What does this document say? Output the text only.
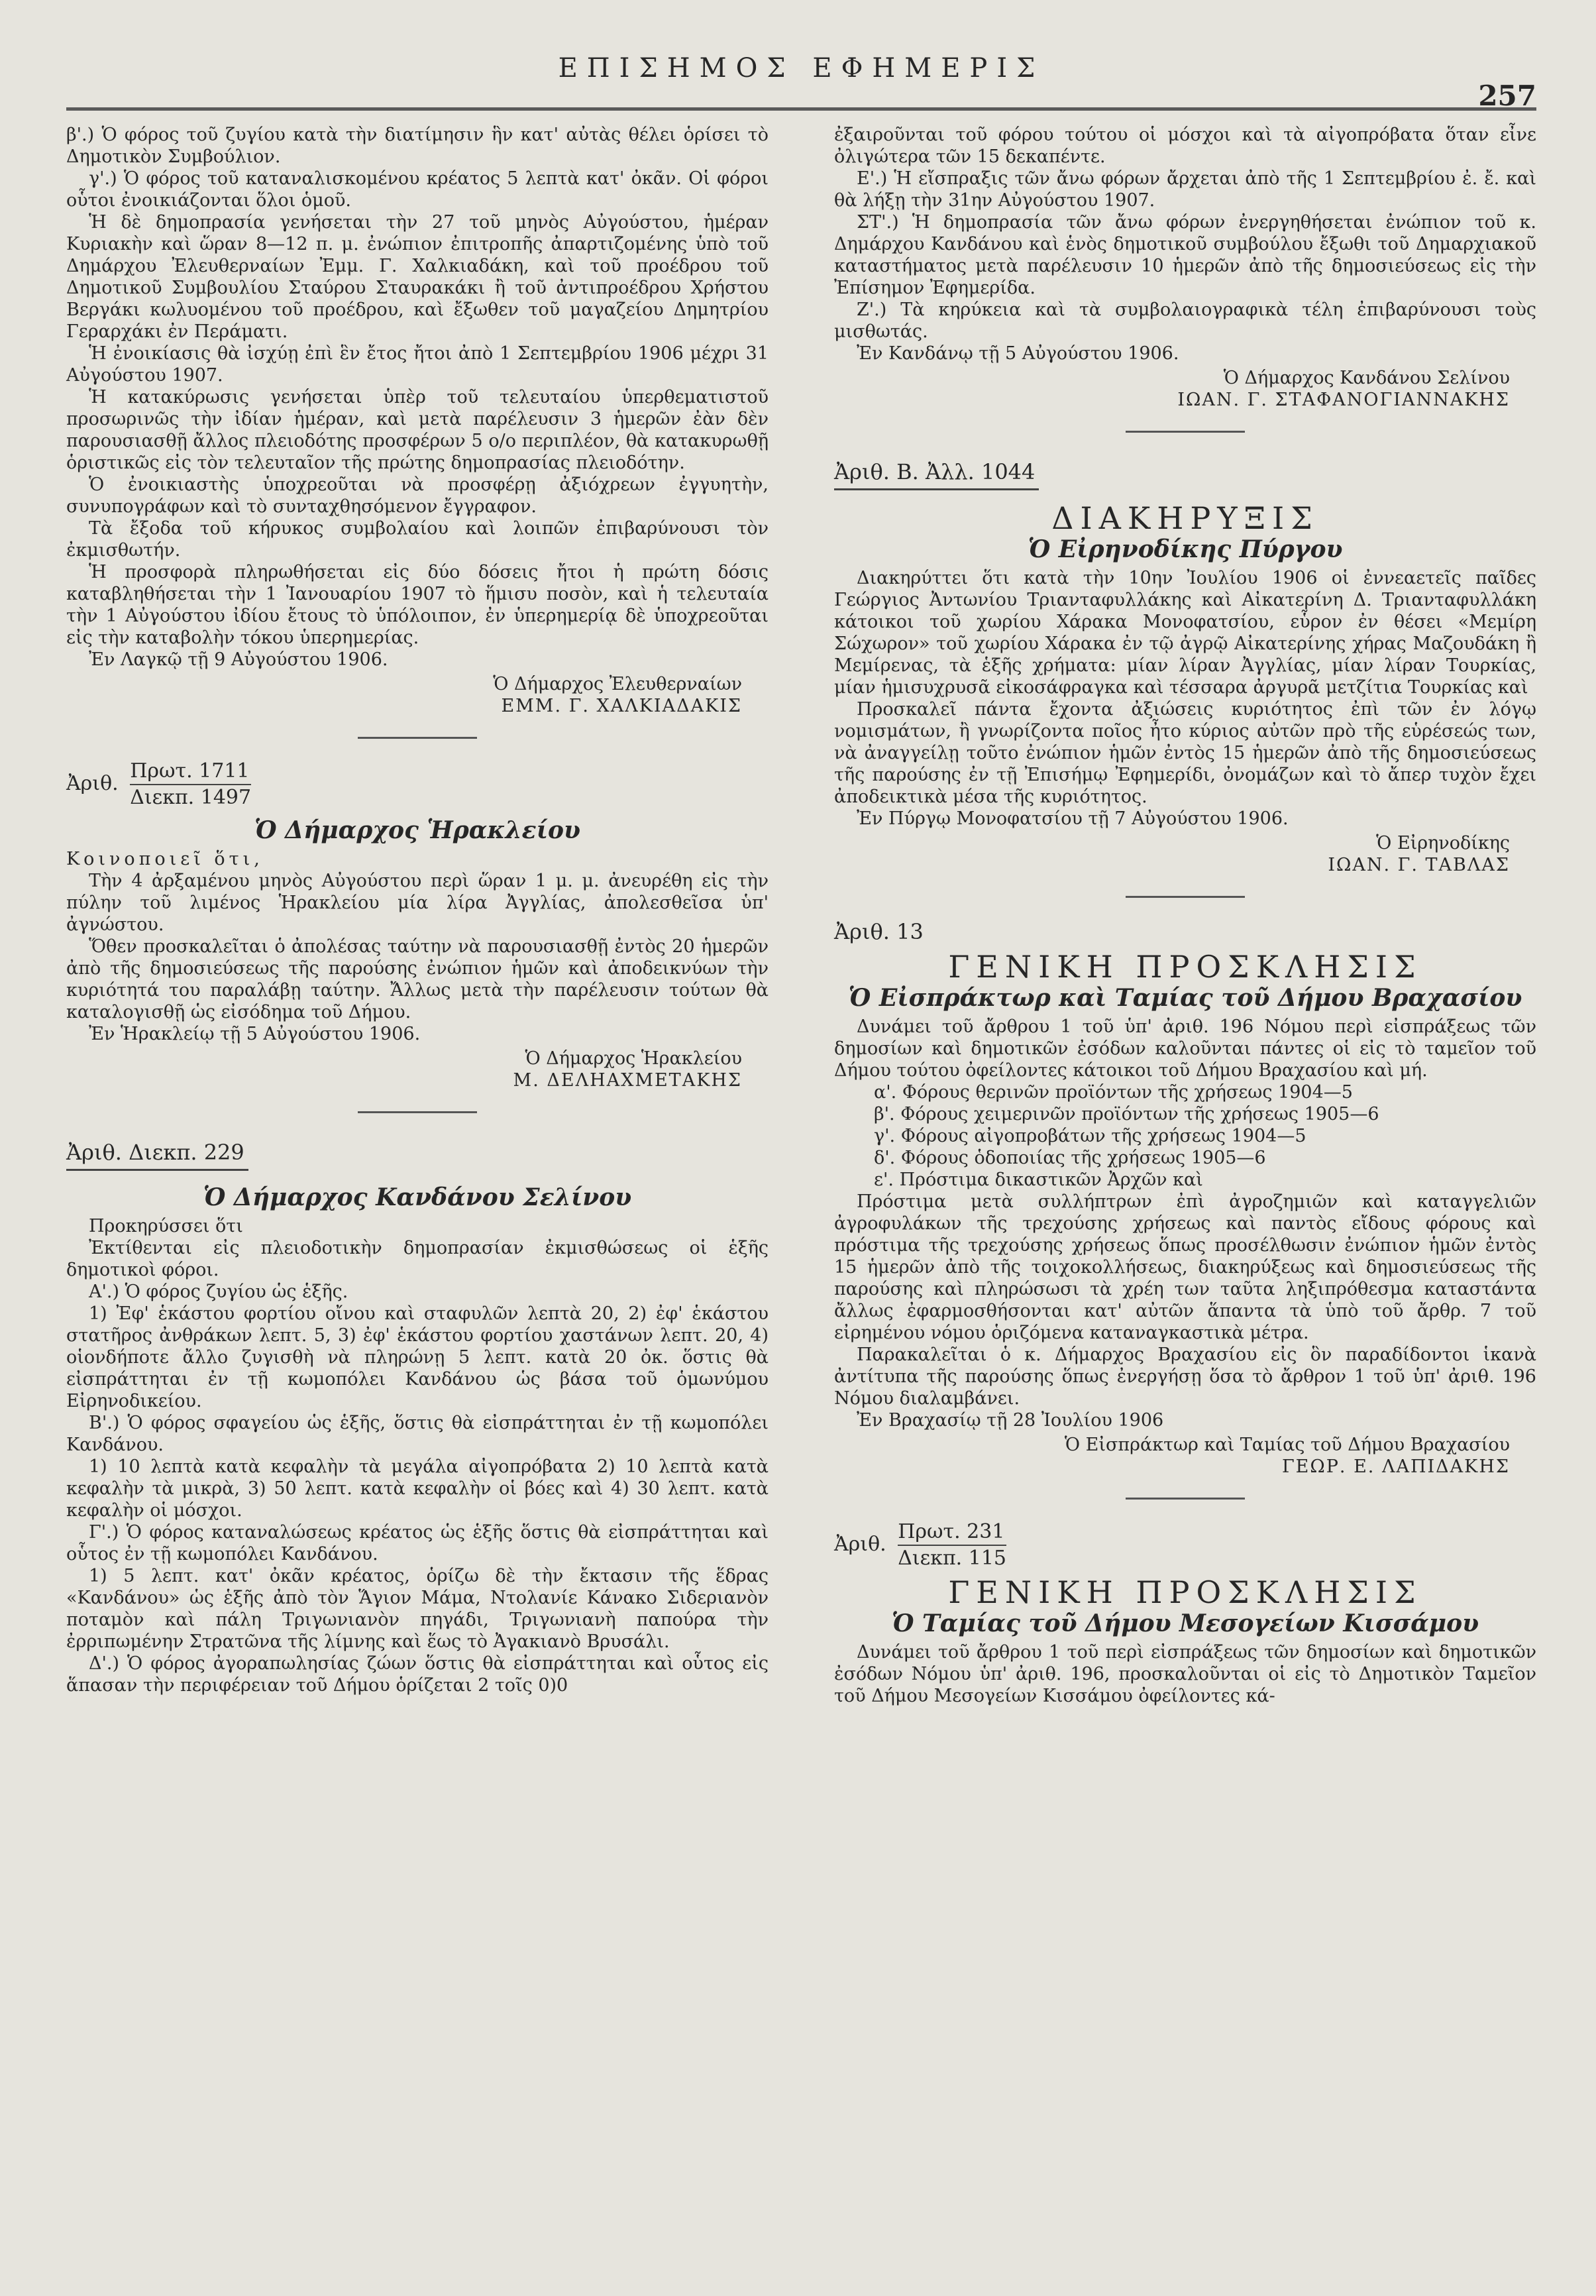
ΕΠΙΣΗΜΟΣ ΕΦΗΜΕΡΙΣ
257

β'.) Ὁ φόρος τοῦ ζυγίου κατὰ τὴν διατίμησιν ἣν κατ' αὐτὰς θέλει ὁρίσει τὸ Δημοτικὸν Συμβούλιον.

γ'.) Ὁ φόρος τοῦ καταναλισκομένου κρέατος 5 λεπτὰ κατ' ὀκᾶν. Οἱ φόροι οὗτοι ἐνοικιάζονται ὅλοι ὁμοῦ.

Ἡ δὲ δημοπρασία γενήσεται τὴν 27 τοῦ μηνὸς Αὐγούστου, ἡμέραν Κυριακὴν καὶ ὥραν 8—12 π. μ. ἐνώπιον ἐπιτροπῆς ἀπαρτιζομένης ὑπὸ τοῦ Δημάρχου Ἐλευθερναίων Ἐμμ. Γ. Χαλκιαδάκη, καὶ τοῦ προέδρου τοῦ Δημοτικοῦ Συμβουλίου Σταύρου Σταυρακάκι ἢ τοῦ ἀντιπροέδρου Χρήστου Βεργάκι κωλυομένου τοῦ προέδρου, καὶ ἔξωθεν τοῦ μαγαζείου Δημητρίου Γεραρχάκι ἐν Περάματι.

Ἡ ἐνοικίασις θὰ ἰσχύῃ ἐπὶ ἓν ἔτος ἤτοι ἀπὸ 1 Σεπτεμβρίου 1906 μέχρι 31 Αὐγούστου 1907.

Ἡ κατακύρωσις γενήσεται ὑπὲρ τοῦ τελευταίου ὑπερθεματιστοῦ προσωρινῶς τὴν ἰδίαν ἡμέραν, καὶ μετὰ παρέλευσιν 3 ἡμερῶν ἐὰν δὲν παρουσιασθῇ ἄλλος πλειοδότης προσφέρων 5 ο/ο περιπλέον, θὰ κατακυρωθῇ ὁριστικῶς εἰς τὸν τελευταῖον τῆς πρώτης δημοπρασίας πλειοδότην.

Ὁ ἐνοικιαστὴς ὑποχρεοῦται νὰ προσφέρῃ ἀξιόχρεων ἐγγυητὴν, συνυπογράφων καὶ τὸ συνταχθησόμενον ἔγγραφον.

Τὰ ἔξοδα τοῦ κήρυκος συμβολαίου καὶ λοιπῶν ἐπιβαρύνουσι τὸν ἐκμισθωτήν.

Ἡ προσφορὰ πληρωθήσεται εἰς δύο δόσεις ἤτοι ἡ πρώτη δόσις καταβληθήσεται τὴν 1 Ἰανουαρίου 1907 τὸ ἥμισυ ποσὸν, καὶ ἡ τελευταία τὴν 1 Αὐγούστου ἰδίου ἔτους τὸ ὑπόλοιπον, ἐν ὑπερημερίᾳ δὲ ὑποχρεοῦται εἰς τὴν καταβολὴν τόκου ὑπερημερίας.

Ἐν Λαγκῷ τῇ 9 Αὐγούστου 1906.

Ὁ Δήμαρχος Ἐλευθερναίων
ΕΜΜ. Γ. ΧΑΛΚΙΑΔΑΚΙΣ
Ἀριθ.
Πρωτ. 1711
Διεκπ. 1497
Ὁ Δήμαρχος Ἡρακλείου

Κοινοποιεῖ ὅτι,

Τὴν 4 ἀρξαμένου μηνὸς Αὐγούστου περὶ ὥραν 1 μ. μ. ἀνευρέθη εἰς τὴν πύλην τοῦ λιμένος Ἡρακλείου μία λίρα Ἀγγλίας, ἀπολεσθεῖσα ὑπ' ἀγνώστου.

Ὅθεν προσκαλεῖται ὁ ἀπολέσας ταύτην νὰ παρουσιασθῇ ἐντὸς 20 ἡμερῶν ἀπὸ τῆς δημοσιεύσεως τῆς παρούσης ἐνώπιον ἡμῶν καὶ ἀποδεικνύων τὴν κυριότητά του παραλάβῃ ταύτην. Ἄλλως μετὰ τὴν παρέλευσιν τούτων θὰ καταλογισθῇ ὡς εἰσόδημα τοῦ Δήμου.

Ἐν Ἡρακλείῳ τῇ 5 Αὐγούστου 1906.

Ὁ Δήμαρχος Ἡρακλείου
Μ. ΔΕΛΗΑΧΜΕΤΑΚΗΣ
Ἀριθ. Διεκπ. 229
Ὁ Δήμαρχος Κανδάνου Σελίνου

Προκηρύσσει ὅτι

Ἐκτίθενται εἰς πλειοδοτικὴν δημοπρασίαν ἐκμισθώσεως οἱ ἑξῆς δημοτικοὶ φόροι.

Α'.) Ὁ φόρος ζυγίου ὡς ἑξῆς.

1) Ἐφ' ἑκάστου φορτίου οἴνου καὶ σταφυλῶν λεπτὰ 20, 2) ἐφ' ἑκάστου στατῆρος ἀνθράκων λεπτ. 5, 3) ἐφ' ἑκάστου φορτίου χαστάνων λεπτ. 20, 4) οἱονδήποτε ἄλλο ζυγισθὴ νὰ πληρώνῃ 5 λεπτ. κατὰ 20 ὀκ. ὅστις θὰ εἰσπράττηται ἐν τῇ κωμοπόλει Κανδάνου ὡς βάσα τοῦ ὁμωνύμου Εἰρηνοδικείου.

Β'.) Ὁ φόρος σφαγείου ὡς ἑξῆς, ὅστις θὰ εἰσπράττηται ἐν τῇ κωμοπόλει Κανδάνου.

1) 10 λεπτὰ κατὰ κεφαλὴν τὰ μεγάλα αἰγοπρόβατα 2) 10 λεπτὰ κατὰ κεφαλὴν τὰ μικρὰ, 3) 50 λεπτ. κατὰ κεφαλὴν οἱ βόες καὶ 4) 30 λεπτ. κατὰ κεφαλὴν οἱ μόσχοι.

Γ'.) Ὁ φόρος καταναλώσεως κρέατος ὡς ἑξῆς ὅστις θὰ εἰσπράττηται καὶ οὗτος ἐν τῇ κωμοπόλει Κανδάνου.

1) 5 λεπτ. κατ' ὀκᾶν κρέατος, ὁρίζω δὲ τὴν ἔκτασιν τῆς ἕδρας «Κανδάνου» ὡς ἑξῆς ἀπὸ τὸν Ἅγιον Μάμα, Ντολανίε Κάνακο Σιδεριανὸν ποταμὸν καὶ πάλη Τριγωνιανὸν πηγάδι, Τριγωνιανὴ παπούρα τὴν ἐρριπωμένην Στρατῶνα τῆς λίμνης καὶ ἕως τὸ Ἀγακιανὸ Βρυσάλι.

Δ'.) Ὁ φόρος ἀγοραπωλησίας ζώων ὅστις θὰ εἰσπράττηται καὶ οὗτος εἰς ἅπασαν τὴν περιφέρειαν τοῦ Δήμου ὁρίζεται 2 τοῖς 0)0

ἐξαιροῦνται τοῦ φόρου τούτου οἱ μόσχοι καὶ τὰ αἰγοπρόβατα ὅταν εἶνε ὀλιγώτερα τῶν 15 δεκαπέντε.

Ε'.) Ἡ εἴσπραξις τῶν ἄνω φόρων ἄρχεται ἀπὸ τῆς 1 Σεπτεμβρίου ἐ. ἔ. καὶ θὰ λήξῃ τὴν 31ην Αὐγούστου 1907.

ΣΤ'.) Ἡ δημοπρασία τῶν ἄνω φόρων ἐνεργηθήσεται ἐνώπιον τοῦ κ. Δημάρχου Κανδάνου καὶ ἑνὸς δημοτικοῦ συμβούλου ἔξωθι τοῦ Δημαρχιακοῦ καταστήματος μετὰ παρέλευσιν 10 ἡμερῶν ἀπὸ τῆς δημοσιεύσεως εἰς τὴν Ἐπίσημον Ἐφημερίδα.

Ζ'.) Τὰ κηρύκεια καὶ τὰ συμβολαιογραφικὰ τέλη ἐπιβαρύνουσι τοὺς μισθωτάς.

Ἐν Κανδάνῳ τῇ 5 Αὐγούστου 1906.

Ὁ Δήμαρχος Κανδάνου Σελίνου
ΙΩΑΝ. Γ. ΣΤΑΦΑΝΟΓΙΑΝΝΑΚΗΣ
Ἀριθ. Β. Ἀλλ. 1044
ΔΙΑΚΗΡΥΞΙΣ
Ὁ Εἰρηνοδίκης Πύργου

Διακηρύττει ὅτι κατὰ τὴν 10ην Ἰουλίου 1906 οἱ ἐννεαετεῖς παῖδες Γεώργιος Ἀντωνίου Τριανταφυλλάκης καὶ Αἰκατερίνη Δ. Τριανταφυλλάκη κάτοικοι τοῦ χωρίου Χάρακα Μονοφατσίου, εὗρον ἐν θέσει «Μεμίρη Σώχωρον» τοῦ χωρίου Χάρακα ἐν τῷ ἀγρῷ Αἰκατερίνης χήρας Μαζουδάκη ἢ Μεμίρενας, τὰ ἑξῆς χρήματα: μίαν λίραν Ἀγγλίας, μίαν λίραν Τουρκίας, μίαν ἡμισυχρυσᾶ εἰκοσάφραγκα καὶ τέσσαρα ἀργυρᾶ μετζίτια Τουρκίας καὶ

Προσκαλεῖ πάντα ἔχοντα ἀξιώσεις κυριότητος ἐπὶ τῶν ἐν λόγῳ νομισμάτων, ἢ γνωρίζοντα ποῖος ἦτο κύριος αὐτῶν πρὸ τῆς εὑρέσεώς των, νὰ ἀναγγείλῃ τοῦτο ἐνώπιον ἡμῶν ἐντὸς 15 ἡμερῶν ἀπὸ τῆς δημοσιεύσεως τῆς παρούσης ἐν τῇ Ἐπισήμῳ Ἐφημερίδι, ὀνομάζων καὶ τὸ ἄπερ τυχὸν ἔχει ἀποδεικτικὰ μέσα τῆς κυριότητος.

Ἐν Πύργῳ Μονοφατσίου τῇ 7 Αὐγούστου 1906.

Ὁ Εἰρηνοδίκης
ΙΩΑΝ. Γ. ΤΑΒΛΑΣ
Ἀριθ. 13
ΓΕΝΙΚΗ ΠΡΟΣΚΛΗΣΙΣ
Ὁ Εἰσπράκτωρ καὶ Ταμίας τοῦ Δήμου Βραχασίου

Δυνάμει τοῦ ἄρθρου 1 τοῦ ὑπ' ἀριθ. 196 Νόμου περὶ εἰσπράξεως τῶν δημοσίων καὶ δημοτικῶν ἐσόδων καλοῦνται πάντες οἱ εἰς τὸ ταμεῖον τοῦ Δήμου τούτου ὀφείλοντες κάτοικοι τοῦ Δήμου Βραχασίου καὶ μή.

α'. Φόρους θερινῶν προϊόντων τῆς χρήσεως 1904—5

β'. Φόρους χειμερινῶν προϊόντων τῆς χρήσεως 1905—6

γ'. Φόρους αἰγοπροβάτων τῆς χρήσεως 1904—5

δ'. Φόρους ὁδοποιίας τῆς χρήσεως 1905—6

ε'. Πρόστιμα δικαστικῶν Ἀρχῶν καὶ

Πρόστιμα μετὰ συλλήπτρων ἐπὶ ἀγροζημιῶν καὶ καταγγελιῶν ἀγροφυλάκων τῆς τρεχούσης χρήσεως καὶ παντὸς εἴδους φόρους καὶ πρόστιμα τῆς τρεχούσης χρήσεως ὅπως προσέλθωσιν ἐνώπιον ἡμῶν ἐντὸς 15 ἡμερῶν ἀπὸ τῆς τοιχοκολλήσεως, διακηρύξεως καὶ δημοσιεύσεως τῆς παρούσης καὶ πληρώσωσι τὰ χρέη των ταῦτα ληξιπρόθεσμα καταστάντα ἄλλως ἐφαρμοσθήσονται κατ' αὐτῶν ἅπαντα τὰ ὑπὸ τοῦ ἄρθρ. 7 τοῦ εἰρημένου νόμου ὁριζόμενα καταναγκαστικὰ μέτρα.

Παρακαλεῖται ὁ κ. Δήμαρχος Βραχασίου εἰς ὃν παραδίδοντοι ἱκανὰ ἀντίτυπα τῆς παρούσης ὅπως ἐνεργήσῃ ὅσα τὸ ἄρθρον 1 τοῦ ὑπ' ἀριθ. 196 Νόμου διαλαμβάνει.

Ἐν Βραχασίῳ τῇ 28 Ἰουλίου 1906

Ὁ Εἰσπράκτωρ καὶ Ταμίας τοῦ Δήμου Βραχασίου
ΓΕΩΡ. Ε. ΛΑΠΙΔΑΚΗΣ
Ἀριθ.
Πρωτ. 231
Διεκπ. 115
ΓΕΝΙΚΗ ΠΡΟΣΚΛΗΣΙΣ
Ὁ Ταμίας τοῦ Δήμου Μεσογείων Κισσάμου

Δυνάμει τοῦ ἄρθρου 1 τοῦ περὶ εἰσπράξεως τῶν δημοσίων καὶ δημοτικῶν ἐσόδων Νόμου ὑπ' ἀριθ. 196, προσκαλοῦνται οἱ εἰς τὸ Δημοτικὸν Ταμεῖον τοῦ Δήμου Μεσογείων Κισσάμου ὀφείλοντες κά-
